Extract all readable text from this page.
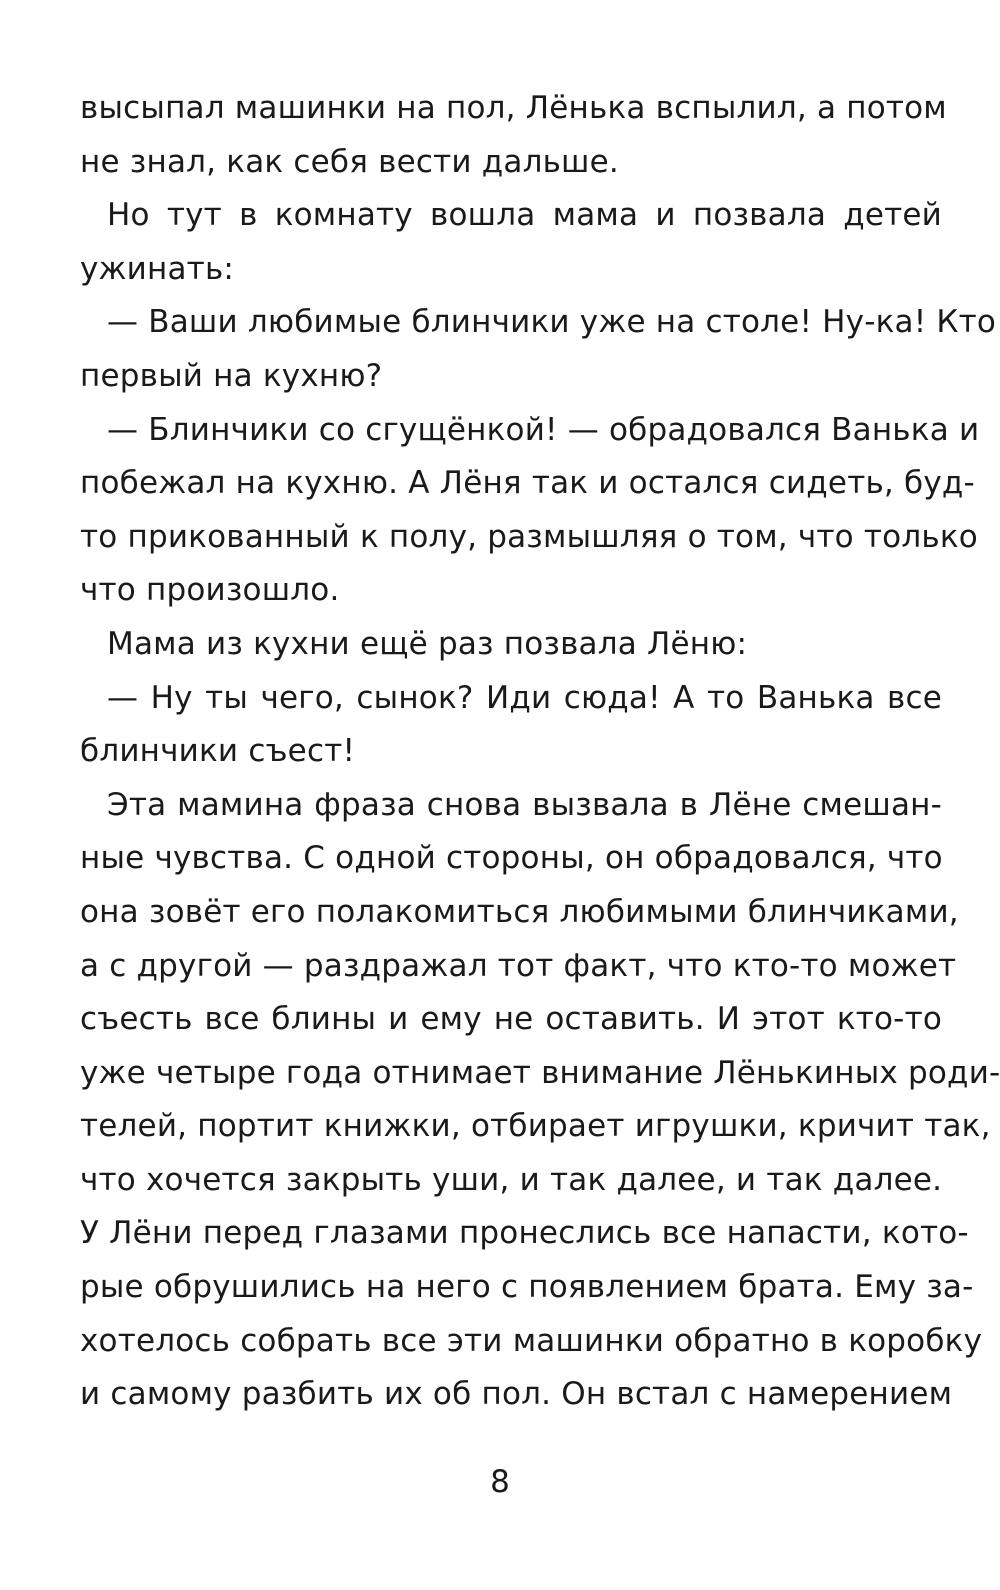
высыпал машинки на пол, Лёнька вспылил, а потом
не знал, как себя вести дальше.
Но тут в комнату вошла мама и позвала детей
ужинать:
— Ваши любимые блинчики уже на столе! Ну-ка! Кто
первый на кухню?
— Блинчики со сгущёнкой! — обрадовался Ванька и
побежал на кухню. А Лёня так и остался сидеть, буд-
то прикованный к полу, размышляя о том, что только
что произошло.
Мама из кухни ещё раз позвала Лёню:
— Ну ты чего, сынок? Иди сюда! А то Ванька все
блинчики съест!
Эта мамина фраза снова вызвала в Лёне смешан-
ные чувства. С одной стороны, он обрадовался, что
она зовёт его полакомиться любимыми блинчиками,
а с другой — раздражал тот факт, что кто-то может
съесть все блины и ему не оставить. И этот кто-то
уже четыре года отнимает внимание Лёнькиных роди-
телей, портит книжки, отбирает игрушки, кричит так,
что хочется закрыть уши, и так далее, и так далее.
У Лёни перед глазами пронеслись все напасти, кото-
рые обрушились на него с появлением брата. Ему за-
хотелось собрать все эти машинки обратно в коробку
и самому разбить их об пол. Он встал с намерением
8
